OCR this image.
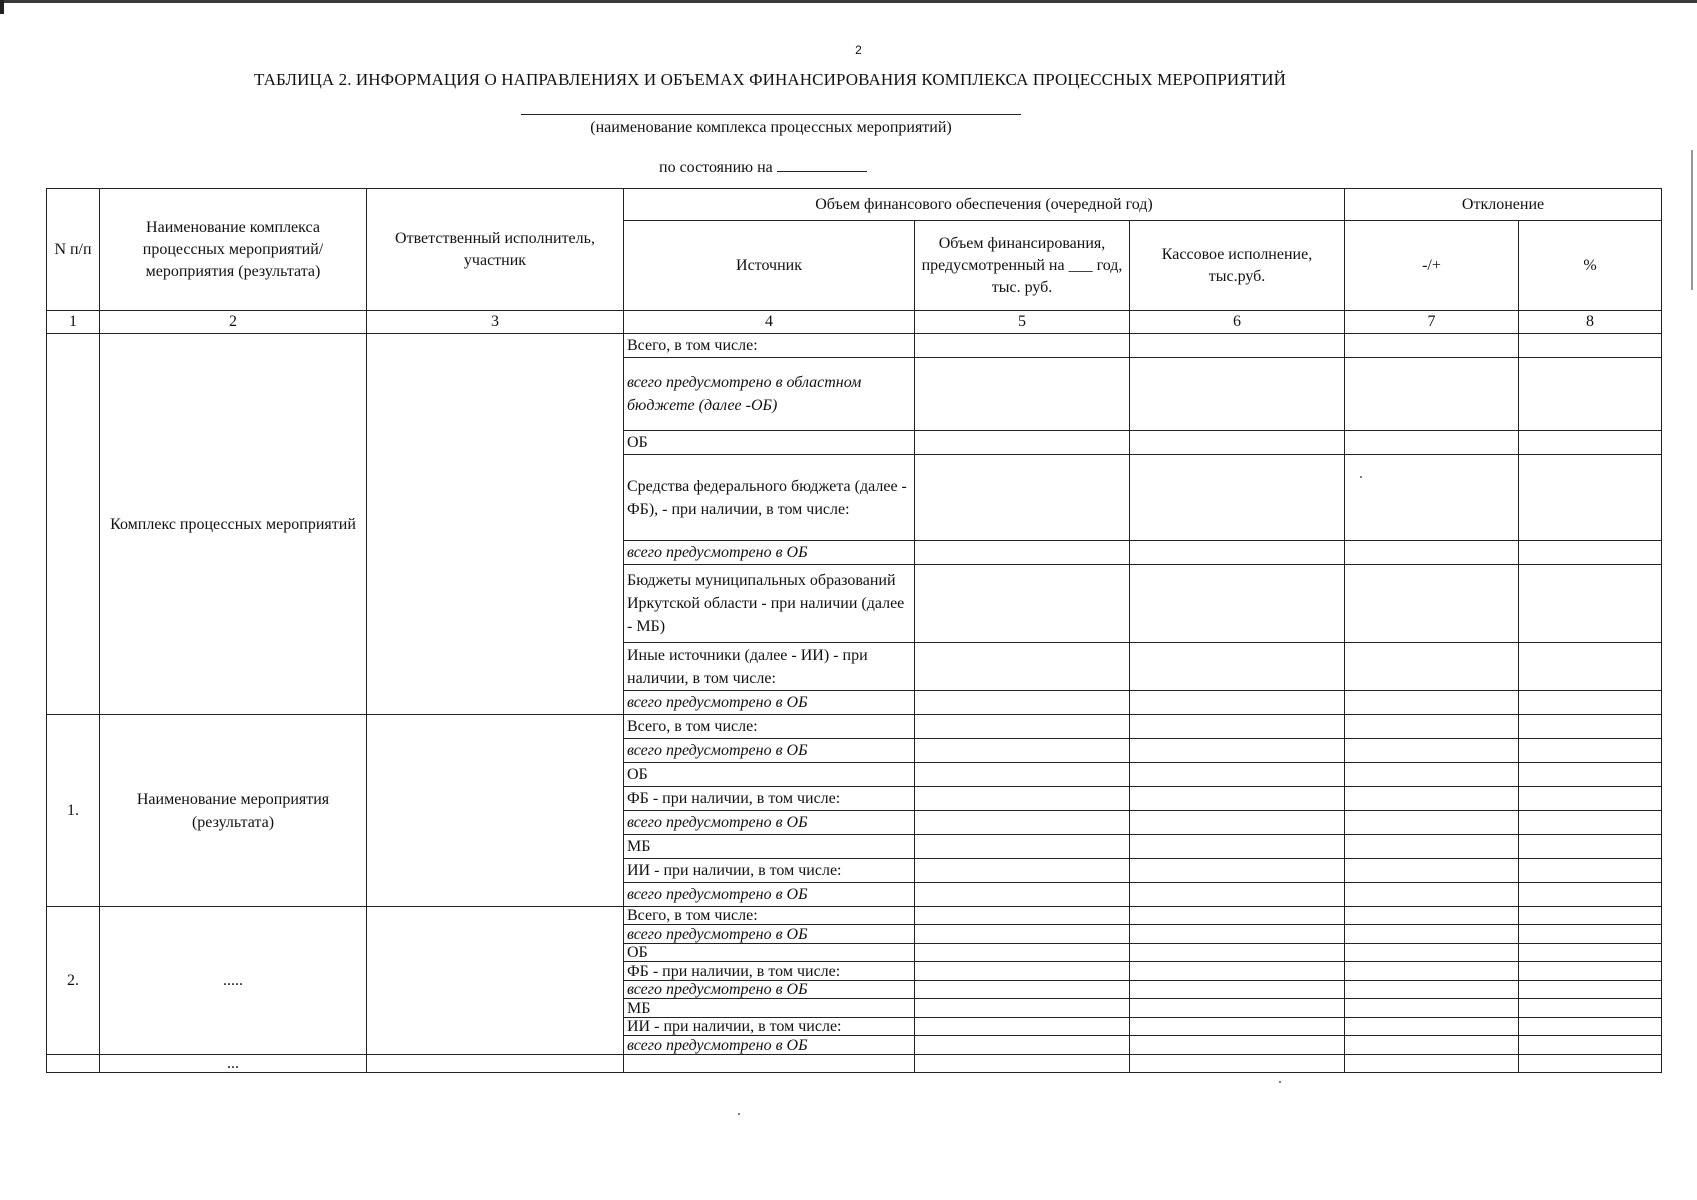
2
ТАБЛИЦА 2. ИНФОРМАЦИЯ О НАПРАВЛЕНИЯХ И ОБЪЕМАХ ФИНАНСИРОВАНИЯ КОМПЛЕКСА ПРОЦЕССНЫХ МЕРОПРИЯТИЙ
(наименование комплекса процессных мероприятий)
по состоянию на
N п/п	Наименование комплекса процессных мероприятий/мероприятия (результата)	Ответственный исполнитель, участник	Объем финансового обеспечения (очередной год)			Отклонение	
			Источник	Объем финансирования, предусмотренный на ___ год, тыс. руб.	Кассовое исполнение, тыс.руб.	-/+	%
1	2	3	4	5	6	7	8
	Комплекс процессных мероприятий		Всего, в том числе:				
			всего предусмотрено в областном бюджете (далее -ОБ)				
			ОБ				
			Средства федерального бюджета (далее - ФБ), - при наличии, в том числе:				
			всего предусмотрено в ОБ				
			Бюджеты муниципальных образований Иркутской области - при наличии (далее - МБ)				
			Иные источники (далее - ИИ) - при наличии, в том числе:				
			всего предусмотрено в ОБ				
1.	Наименование мероприятия (результата)		Всего, в том числе:				
			всего предусмотрено в ОБ				
			ОБ				
			ФБ - при наличии, в том числе:				
			всего предусмотрено в ОБ				
			МБ				
			ИИ - при наличии, в том числе:				
			всего предусмотрено в ОБ				
2.	.....		Всего, в том числе:				
			всего предусмотрено в ОБ				
			ОБ				
			ФБ - при наличии, в том числе:				
			всего предусмотрено в ОБ				
			МБ				
			ИИ - при наличии, в том числе:				
			всего предусмотрено в ОБ				
	...						
